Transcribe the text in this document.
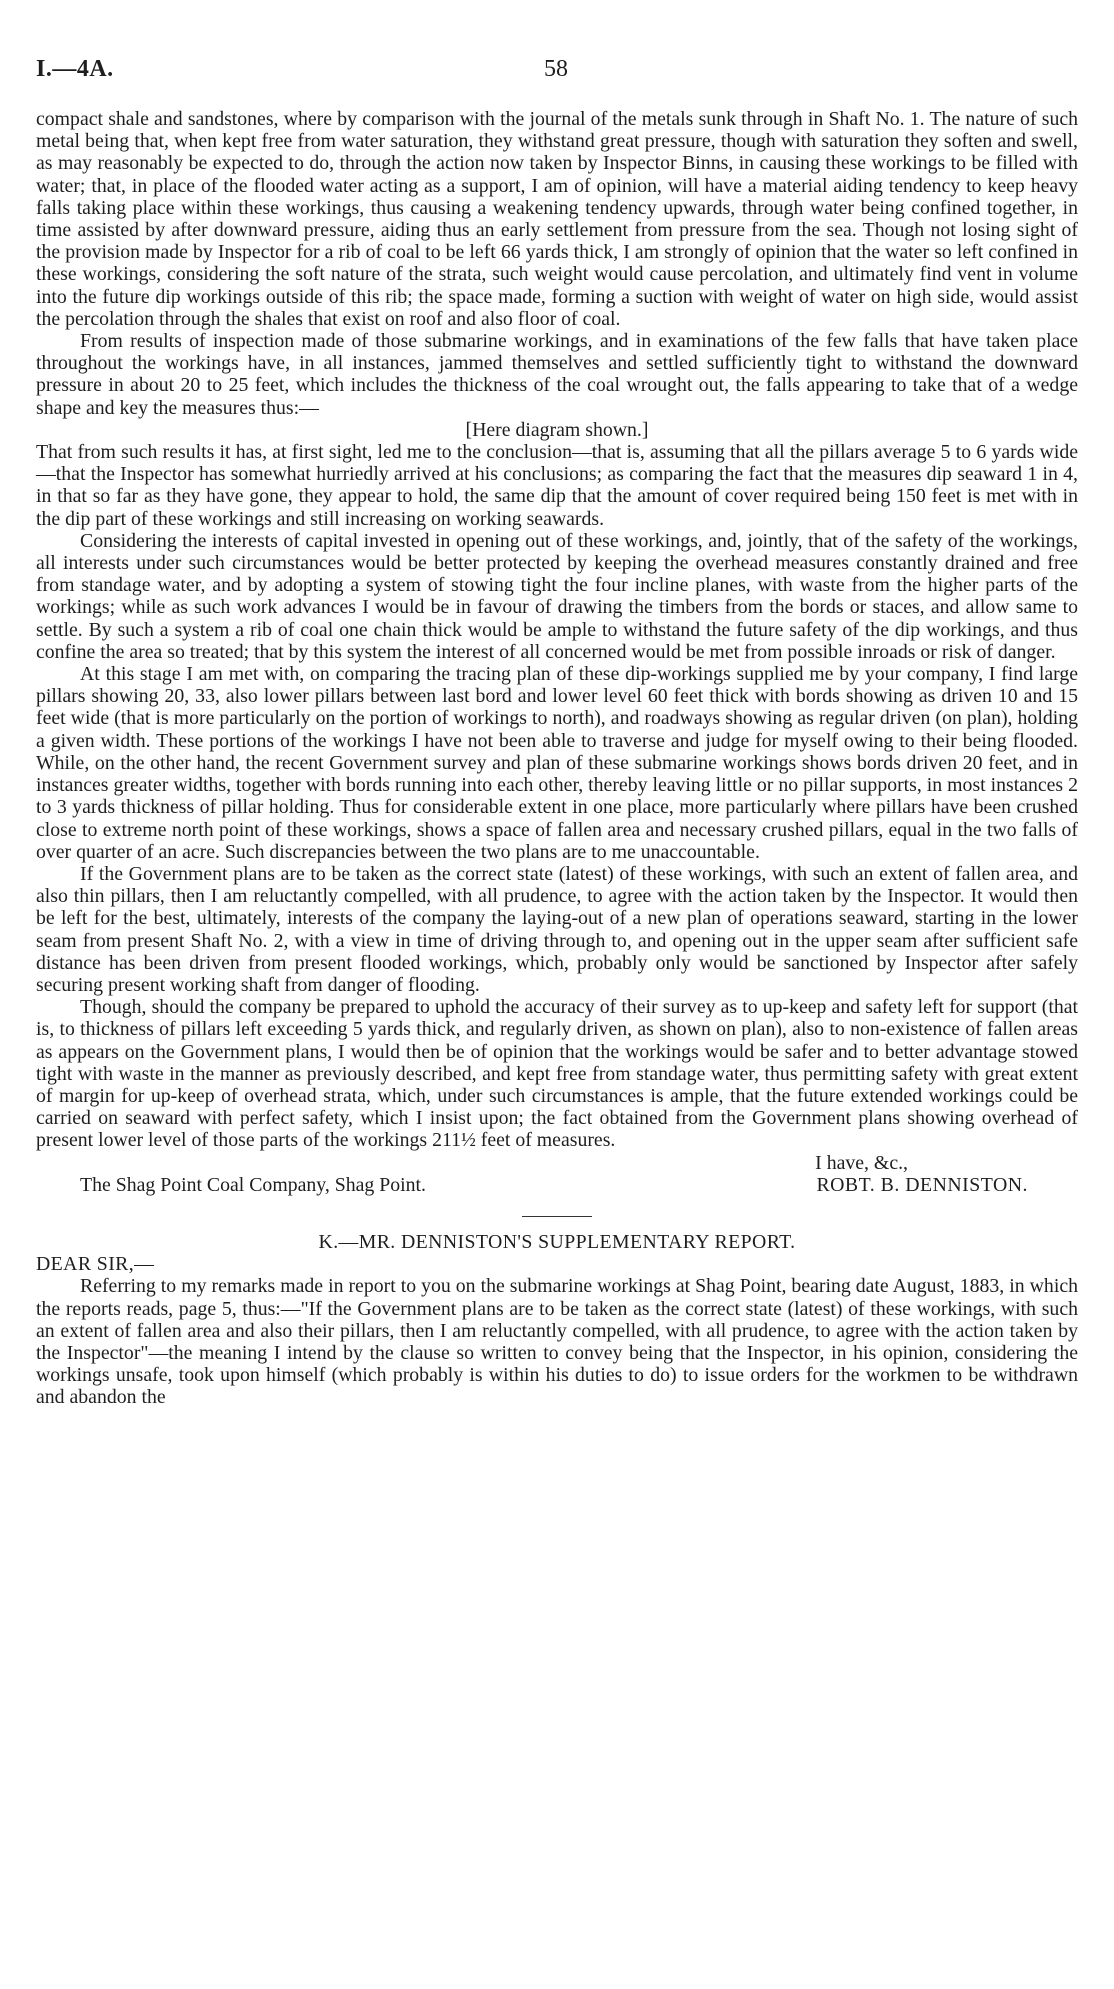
I.—4A.	58

compact shale and sandstones, where by comparison with the journal of the metals sunk through in Shaft No. 1. The nature of such metal being that, when kept free from water saturation, they withstand great pressure, though with saturation they soften and swell, as may reasonably be expected to do, through the action now taken by Inspector Binns, in causing these workings to be filled with water; that, in place of the flooded water acting as a support, I am of opinion, will have a material aiding tendency to keep heavy falls taking place within these workings, thus causing a weakening tendency upwards, through water being confined together, in time assisted by after downward pressure, aiding thus an early settlement from pressure from the sea. Though not losing sight of the provision made by Inspector for a rib of coal to be left 66 yards thick, I am strongly of opinion that the water so left confined in these workings, considering the soft nature of the strata, such weight would cause percolation, and ultimately find vent in volume into the future dip workings outside of this rib; the space made, forming a suction with weight of water on high side, would assist the percolation through the shales that exist on roof and also floor of coal.

From results of inspection made of those submarine workings, and in examinations of the few falls that have taken place throughout the workings have, in all instances, jammed themselves and settled sufficiently tight to withstand the downward pressure in about 20 to 25 feet, which includes the thickness of the coal wrought out, the falls appearing to take that of a wedge shape and key the measures thus:—

[Here diagram shown.]

That from such results it has, at first sight, led me to the conclusion—that is, assuming that all the pillars average 5 to 6 yards wide—that the Inspector has somewhat hurriedly arrived at his conclusions; as comparing the fact that the measures dip seaward 1 in 4, in that so far as they have gone, they appear to hold, the same dip that the amount of cover required being 150 feet is met with in the dip part of these workings and still increasing on working seawards.

Considering the interests of capital invested in opening out of these workings, and, jointly, that of the safety of the workings, all interests under such circumstances would be better protected by keeping the overhead measures constantly drained and free from standage water, and by adopting a system of stowing tight the four incline planes, with waste from the higher parts of the workings; while as such work advances I would be in favour of drawing the timbers from the bords or staces, and allow same to settle. By such a system a rib of coal one chain thick would be ample to withstand the future safety of the dip workings, and thus confine the area so treated; that by this system the interest of all concerned would be met from possible inroads or risk of danger.

At this stage I am met with, on comparing the tracing plan of these dip-workings supplied me by your company, I find large pillars showing 20, 33, also lower pillars between last bord and lower level 60 feet thick with bords showing as driven 10 and 15 feet wide (that is more particularly on the portion of workings to north), and roadways showing as regular driven (on plan), holding a given width. These portions of the workings I have not been able to traverse and judge for myself owing to their being flooded. While, on the other hand, the recent Government survey and plan of these submarine workings shows bords driven 20 feet, and in instances greater widths, together with bords running into each other, thereby leaving little or no pillar supports, in most instances 2 to 3 yards thickness of pillar holding. Thus for considerable extent in one place, more particularly where pillars have been crushed close to extreme north point of these workings, shows a space of fallen area and necessary crushed pillars, equal in the two falls of over quarter of an acre. Such discrepancies between the two plans are to me unaccountable.

If the Government plans are to be taken as the correct state (latest) of these workings, with such an extent of fallen area, and also thin pillars, then I am reluctantly compelled, with all prudence, to agree with the action taken by the Inspector. It would then be left for the best, ultimately, interests of the company the laying-out of a new plan of operations seaward, starting in the lower seam from present Shaft No. 2, with a view in time of driving through to, and opening out in the upper seam after sufficient safe distance has been driven from present flooded workings, which, probably only would be sanctioned by Inspector after safely securing present working shaft from danger of flooding.

Though, should the company be prepared to uphold the accuracy of their survey as to up-keep and safety left for support (that is, to thickness of pillars left exceeding 5 yards thick, and regularly driven, as shown on plan), also to non-existence of fallen areas as appears on the Government plans, I would then be of opinion that the workings would be safer and to better advantage stowed tight with waste in the manner as previously described, and kept free from standage water, thus permitting safety with great extent of margin for up-keep of overhead strata, which, under such circumstances is ample, that the future extended workings could be carried on seaward with perfect safety, which I insist upon; the fact obtained from the Government plans showing overhead of present lower level of those parts of the workings 211½ feet of measures.

I have, &c.,

The Shag Point Coal Company, Shag Point.	ROBT. B. DENNISTON.

K.—MR. DENNISTON'S SUPPLEMENTARY REPORT.

DEAR SIR,—

Referring to my remarks made in report to you on the submarine workings at Shag Point, bearing date August, 1883, in which the reports reads, page 5, thus:—"If the Government plans are to be taken as the correct state (latest) of these workings, with such an extent of fallen area and also their pillars, then I am reluctantly compelled, with all prudence, to agree with the action taken by the Inspector"—the meaning I intend by the clause so written to convey being that the Inspector, in his opinion, considering the workings unsafe, took upon himself (which probably is within his duties to do) to issue orders for the workmen to be withdrawn and abandon the
